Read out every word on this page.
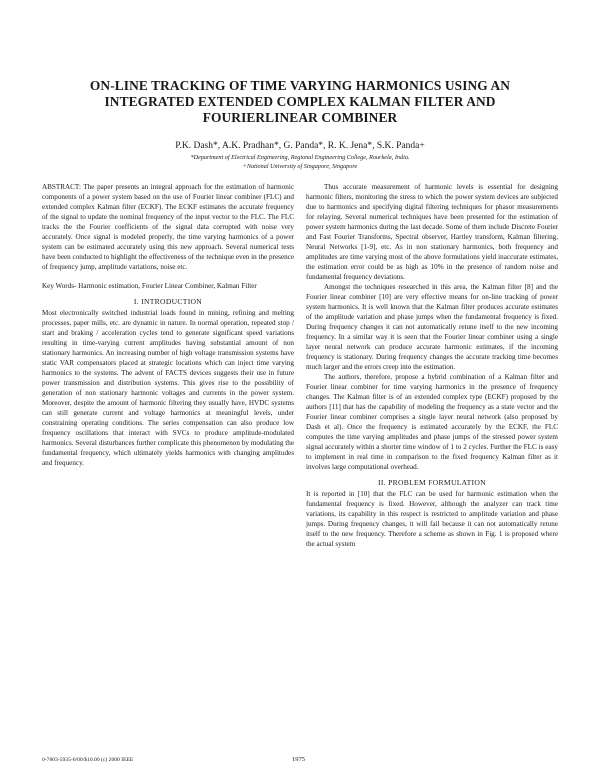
ON-LINE TRACKING OF TIME VARYING HARMONICS USING AN
INTEGRATED EXTENDED COMPLEX KALMAN FILTER AND
FOURIERLINEAR COMBINER
P.K. Dash*, A.K. Pradhan*, G. Panda*, R. K. Jena*, S.K. Panda+
*Department of Electrical Engineering, Regional Engineering College, Rourkela, India.
+National University of Singapore, Singapore

ABSTRACT: The paper presents an integral approach for the estimation of harmonic components of a power system based on the use of Fourier linear combiner (FLC) and extended complex Kalman filter (ECKF). The ECKF estimates the accurate frequency of the signal to update the nominal frequency of the input vector to the FLC. The FLC tracks the the Fourier coefficients of the signal data corrupted with noise very accurately. Once signal is modeled properly, the time varying harmonics of a power system can be estimated accurately using this new approach. Several numerical tests have been conducted to highlight the effectiveness of the technique even in the presence of frequency jump, amplitude variations, noise etc.

Key Words- Harmonic estimation, Fourier Linear Combiner, Kalman Filter

I. INTRODUCTION

Most electronically switched industrial loads found in mining, refining and melting processes, paper mills, etc. are dynamic in nature. In normal operation, repeated stop / start and braking / acceleration cycles tend to generate significant speed variations resulting in time-varying current amplitudes having substantial amount of non stationary harmonics. An increasing number of high voltage transmission systems have static VAR compensators placed at strategic locations which can inject time varying harmonics to the systems. The advent of FACTS devices suggests their use in future power transmission and distribution systems. This gives rise to the possibility of generation of non stationary harmonic voltages and currents in the power system. Moreover, despite the amount of harmonic filtering they usually have, HVDC systems can still generate current and voltage harmonics at meaningful levels, under constraining operating conditions. The series compensation can also produce low frequency oscillations that interact with SVCs to produce amplitude-modulated harmonics. Several disturbances further complicate this phenomenon by modulating the fundamental frequency, which ultimately yields harmonics with changing amplitudes and frequency.

Thus accurate measurement of harmonic levels is essential for designing harmonic filters, monitoring the stress to which the power system devices are subjected due to harmonics and specifying digital filtering techniques for phasor measurements for relaying. Several numerical techniques have been presented for the estimation of power system harmonics during the last decade. Some of them include Discrete Fourier and Fast Fourier Transforms, Spectral observer, Hartley transform, Kalman filtering, Neural Networks [1-9], etc. As in non stationary harmonics, both frequency and amplitudes are time varying most of the above formulations yield inaccurate estimates, the estimation error could be as high as 10% in the presence of random noise and fundamental frequency deviations.

Amongst the techniques researched in this area, the Kalman filter [8] and the Fourier linear combiner [10] are very effective means for on-line tracking of power system harmonics. It is well known that the Kalman filter produces accurate estimates of the amplitude variation and phase jumps when the fundamental frequency is fixed. During frequency changes it can not automatically retune itself to the new incoming frequency. In a similar way it is seen that the Fourier linear combiner using a single layer neural network can produce accurate harmonic estimates, if the incoming frequency is stationary. During frequency changes the accurate tracking time becomes much larger and the errors creep into the estimation.

The authors, therefore, propose a hybrid combination of a Kalman filter and Fourier linear combiner for time varying harmonics in the presence of frequency changes. The Kalman filter is of an extended complex type (ECKF) proposed by the authors [11] that has the capability of modeling the frequency as a state vector and the Fourier linear combiner comprises a single layer neural network (also proposed by Dash et al). Once the frequency is estimated accurately by the ECKF, the FLC computes the time varying amplitudes and phase jumps of the stressed power system signal accurately within a shorter time window of 1 to 2 cycles. Further the FLC is easy to implement in real time in comparison to the fixed frequency Kalman filter as it involves large computational overhead.

II. PROBLEM FORMULATION

It is reported in [10] that the FLC can be used for harmonic estimation when the fundamental frequency is fixed. However, although the analyzer can track time variations, its capability in this respect is restricted to amplitude variation and phase jumps. During frequency changes, it will fail because it can not automatically retune itself to the new frequency. Therefore a scheme as shown in Fig. 1 is proposed where the actual system

0-7803-5935-6/00/$10.00 (c) 2000 IEEE	1975
